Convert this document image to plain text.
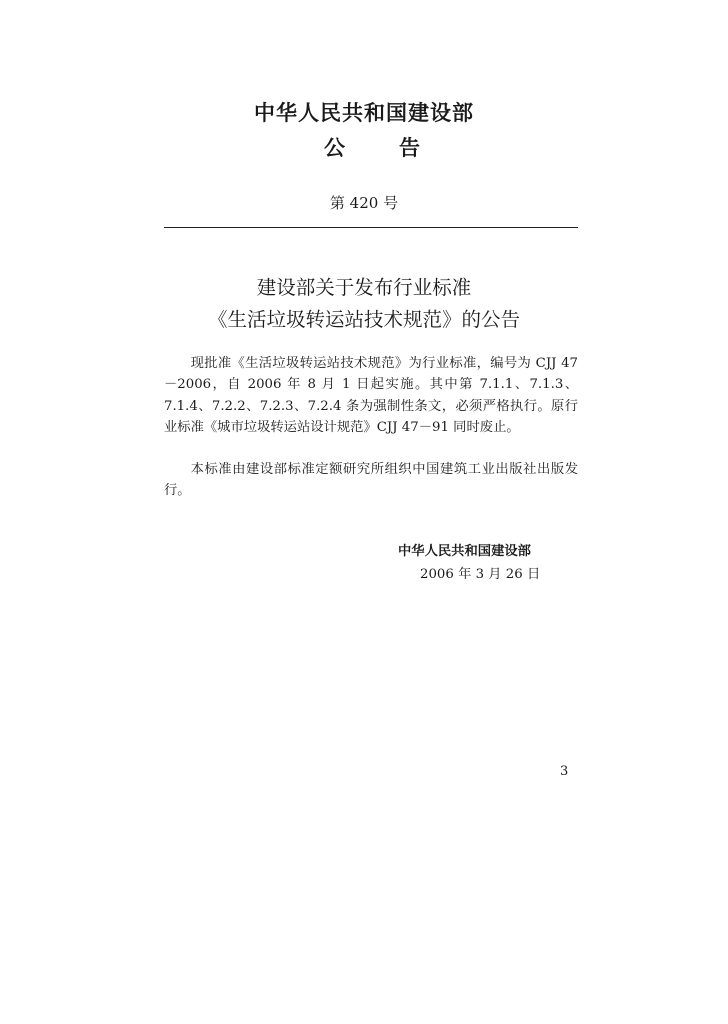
中华人民共和国建设部
公	告
第 420 号
建设部关于发布行业标准
《生活垃圾转运站技术规范》的公告
现批准《生活垃圾转运站技术规范》为行业标准，编号为 CJJ 47－2006，自 2006 年 8 月 1 日起实施。其中第 7.1.1、7.1.3、7.1.4、7.2.2、7.2.3、7.2.4 条为强制性条文，必须严格执行。原行业标准《城市垃圾转运站设计规范》CJJ 47－91 同时废止。
本标准由建设部标准定额研究所组织中国建筑工业出版社出版发行。
中华人民共和国建设部
2006 年 3 月 26 日
3
